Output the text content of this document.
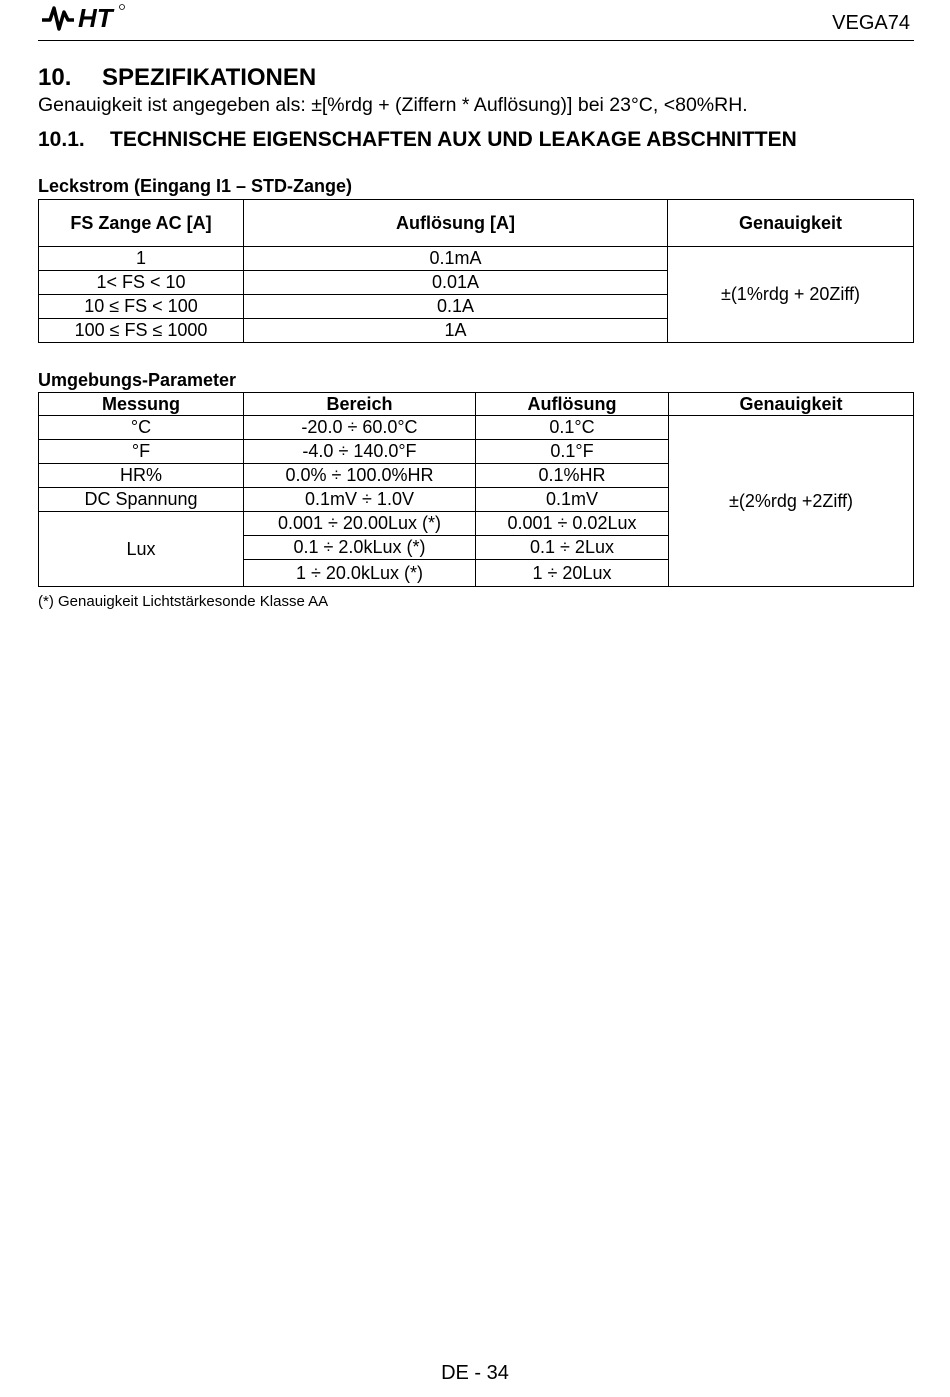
HT	VEGA74
10. SPEZIFIKATIONEN
Genauigkeit ist angegeben als: ±[%rdg + (Ziffern * Auflösung)] bei 23°C, <80%RH.
10.1. TECHNISCHE EIGENSCHAFTEN AUX UND LEAKAGE ABSCHNITTEN
Leckstrom (Eingang I1 – STD-Zange)
FS Zange AC [A]	Auflösung [A]	Genauigkeit
1	0.1mA	±(1%rdg + 20Ziff)
1< FS < 10	0.01A	
10 ≤ FS < 100	0.1A	
100 ≤ FS ≤ 1000	1A	
Umgebungs-Parameter
Messung	Bereich	Auflösung	Genauigkeit
°C	-20.0 ÷ 60.0°C	0.1°C	±(2%rdg +2Ziff)
°F	-4.0 ÷ 140.0°F	0.1°F	
HR%	0.0% ÷ 100.0%HR	0.1%HR	
DC Spannung	0.1mV ÷ 1.0V	0.1mV	
Lux	0.001 ÷ 20.00Lux (*)	0.001 ÷ 0.02Lux	
	0.1 ÷ 2.0kLux (*)	0.1 ÷ 2Lux	
	1 ÷ 20.0kLux (*)	1 ÷ 20Lux	
(*) Genauigkeit Lichtstärkesonde Klasse AA
DE - 34
